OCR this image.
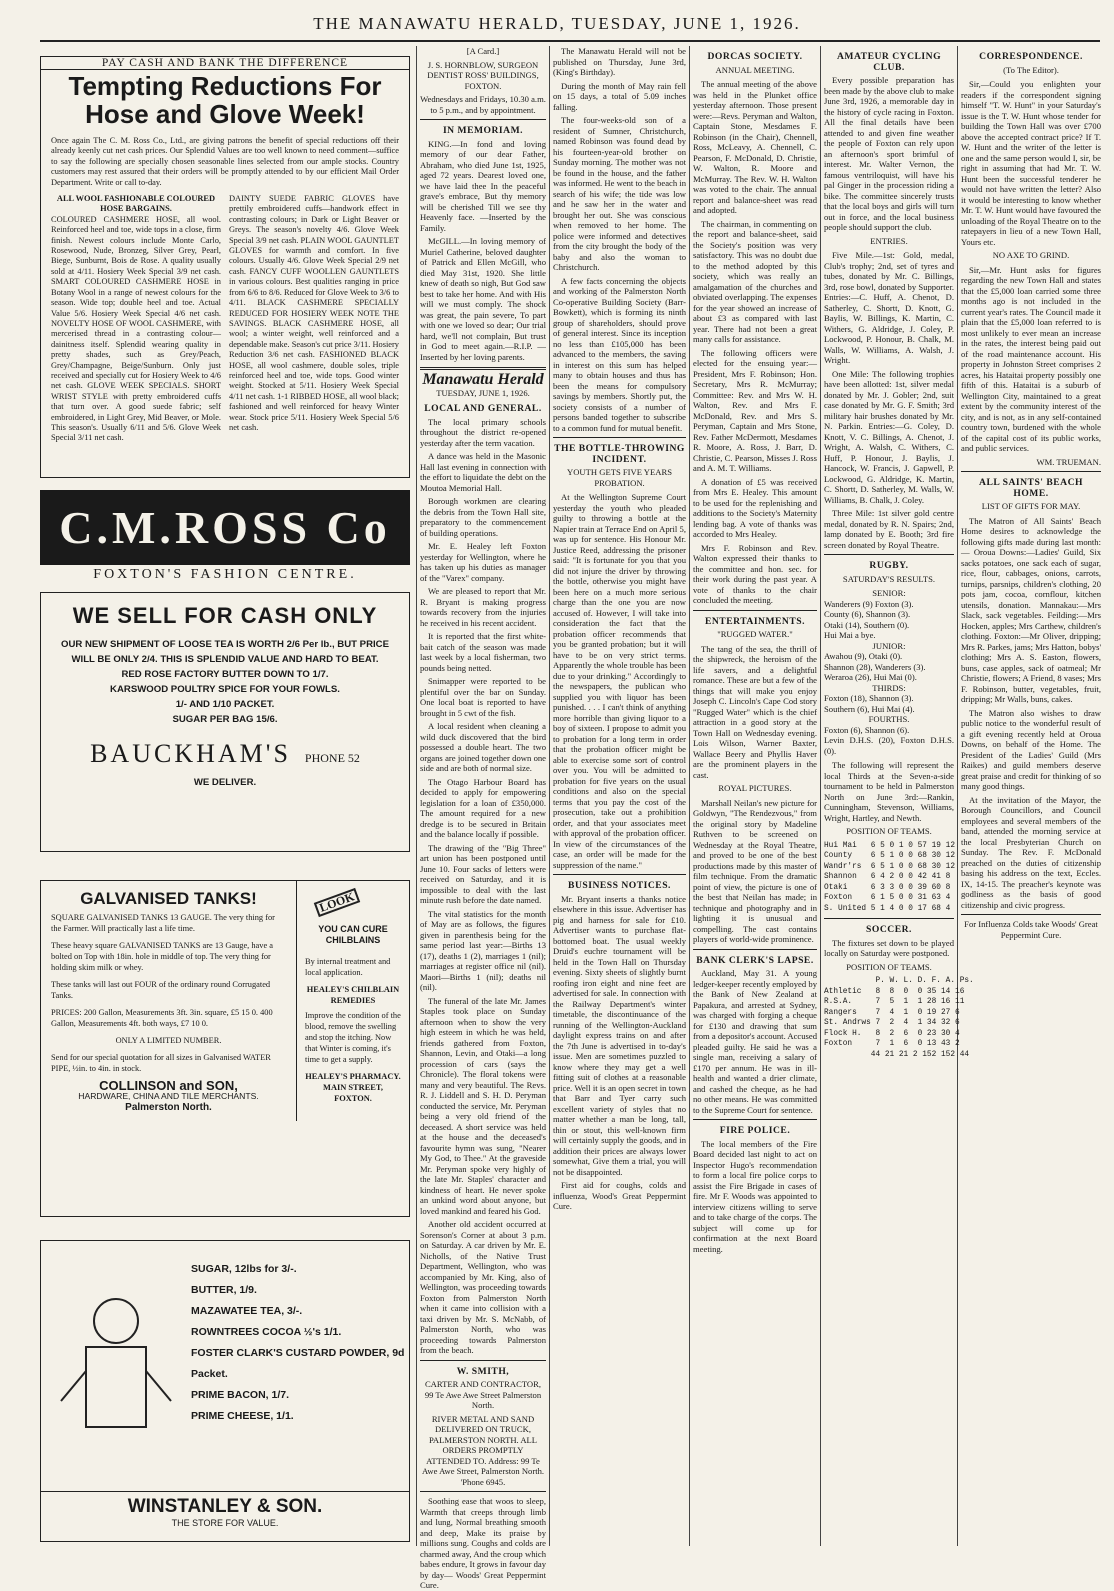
THE MANAWATU HERALD, TUESDAY, JUNE 1, 1926.
PAY CASH AND BANK THE DIFFERENCE
Tempting Reductions For
Hose and Glove Week!
Once again The C. M. Ross Co., Ltd., are giving patrons the benefit of special reductions off their already keenly cut net cash prices. Our Splendid Values are too well known to need comment—suffice to say the following are specially chosen seasonable lines selected from our ample stocks. Country customers may rest assured that their orders will be promptly attended to by our efficient Mail Order Department. Write or call to-day.
ALL WOOL FASHIONABLE COLOURED HOSE BARGAINS.
COLOURED CASHMERE HOSE, all wool. Reinforced heel and toe, wide tops in a close, firm finish. Newest colours include Monte Carlo, Rosewood, Nude, Bronzeg, Silver Grey, Pearl, Biege, Sunburnt, Bois de Rose. A quality usually sold at 4/11. Hosiery Week Special 3/9 net cash. SMART COLOURED CASHMERE HOSE in Botany Wool in a range of newest colours for the season. Wide top; double heel and toe. Actual Value 5/6. Hosiery Week Special 4/6 net cash. NOVELTY HOSE OF WOOL CASHMERE, with mercerised thread in a contrasting colour—dainitness itself. Splendid wearing quality in pretty shades, such as Grey/Peach, Grey/Champagne, Beige/Sunburn. Only just received and specially cut for Hosiery Week to 4/6 net cash. GLOVE WEEK SPECIALS. SHORT WRIST STYLE with pretty embroidered cuffs that turn over. A good suede fabric; self embroidered, in Light Grey, Mid Beaver, or Mole. This season's. Usually 6/11 and 5/6. Glove Week Special 3/11 net cash.
DAINTY SUEDE FABRIC GLOVES have prettily embroidered cuffs—handwork effect in contrasting colours; in Dark or Light Beaver or Greys. The season's novelty 4/6. Glove Week Special 3/9 net cash. PLAIN WOOL GAUNTLET GLOVES for warmth and comfort. In five colours. Usually 4/6. Glove Week Special 2/9 net cash. FANCY CUFF WOOLLEN GAUNTLETS in various colours. Best qualities ranging in price from 6/6 to 8/6. Reduced for Glove Week to 3/6 to 4/11. BLACK CASHMERE SPECIALLY REDUCED FOR HOSIERY WEEK NOTE THE SAVINGS. BLACK CASHMERE HOSE, all wool; a winter weight, well reinforced and a dependable make. Season's cut price 3/11. Hosiery Reduction 3/6 net cash. FASHIONED BLACK HOSE, all wool cashmere, double soles, triple reinforced heel and toe, wide tops. Good winter weight. Stocked at 5/11. Hosiery Week Special 4/11 net cash. 1-1 RIBBED HOSE, all wool black; fashioned and well reinforced for heavy Winter wear. Stock price 5/11. Hosiery Week Special 5/6 net cash.
C.M.ROSS Co
FOXTON'S FASHION CENTRE.
WE SELL FOR CASH ONLY
OUR NEW SHIPMENT OF LOOSE TEA IS WORTH 2/6 Per lb., BUT PRICE
WILL BE ONLY 2/4. THIS IS SPLENDID VALUE AND HARD TO BEAT.
RED ROSE FACTORY BUTTER DOWN TO 1/7.
KARSWOOD POULTRY SPICE FOR YOUR FOWLS.
1/- AND 1/10 PACKET.
SUGAR PER BAG 15/6.
BAUCKHAM'S PHONE 52
WE DELIVER.
GALVANISED TANKS!

SQUARE GALVANISED TANKS 13 GAUGE. The very thing for the Farmer. Will practically last a life time.

These heavy square GALVANISED TANKS are 13 Gauge, have a bolted on Top with 18in. hole in middle of top. The very thing for holding skim milk or whey.

These tanks will last out FOUR of the ordinary round Corrugated Tanks.

PRICES: 200 Gallon, Measurements 3ft. 3in. square, £5 15 0. 400 Gallon, Measurements 4ft. both ways, £7 10 0.

ONLY A LIMITED NUMBER.

Send for our special quotation for all sizes in Galvanised WATER PIPE, ½in. to 4in. in stock.

COLLINSON and SON,
HARDWARE, CHINA AND TILE MERCHANTS.
Palmerston North.
LOOK
YOU CAN CURE CHILBLAINS

By internal treatment and local application.

HEALEY'S CHILBLAIN REMEDIES

Improve the condition of the blood, remove the swelling and stop the itching. Now that Winter is coming, it's time to get a supply.

HEALEY'S PHARMACY. MAIN STREET, FOXTON.
SUGAR, 12lbs for 3/-.
BUTTER, 1/9.
MAZAWATEE TEA, 3/-.
ROWNTREES COCOA ½'s 1/1.
FOSTER CLARK'S CUSTARD POWDER, 9d Packet.
PRIME BACON, 1/7.
PRIME CHEESE, 1/1.
WINSTANLEY & SON.
THE STORE FOR VALUE.
[A Card.]
J. S. HORNBLOW, SURGEON DENTIST ROSS' BUILDINGS, FOXTON.
Wednesdays and Fridays, 10.30 a.m. to 5 p.m., and by appointment.
IN MEMORIAM.

KING.—In fond and loving memory of our dear Father, Abraham, who died June 1st, 1925, aged 72 years. Dearest loved one, we have laid thee In the peaceful grave's embrace, But thy memory will be cherished Till we see thy Heavenly face. —Inserted by the Family.

McGILL.—In loving memory of Muriel Catherine, beloved daughter of Patrick and Ellen McGill, who died May 31st, 1920. She little knew of death so nigh, But God saw best to take her home. And with His will we must comply. The shock was great, the pain severe, To part with one we loved so dear; Our trial hard, we'll not complain, But trust in God to meet again.—R.I.P. —Inserted by her loving parents.

Manawatu Herald
TUESDAY, JUNE 1, 1926.
LOCAL AND GENERAL.

The local primary schools throughout the district re-opened yesterday after the term vacation.

A dance was held in the Masonic Hall last evening in connection with the effort to liquidate the debt on the Moutoa Memorial Hall.

Borough workmen are clearing the debris from the Town Hall site, preparatory to the commencement of building operations.

Mr. E. Healey left Foxton yesterday for Wellington, where he has taken up his duties as manager of the "Varex" company.

We are pleased to report that Mr. R. Bryant is making progress towards recovery from the injuries he received in his recent accident.

It is reported that the first white-bait catch of the season was made last week by a local fisherman, two pounds being netted.

Snimapper were reported to be plentiful over the bar on Sunday. One local boat is reported to have brought in 5 cwt of the fish.

A local resident when cleaning a wild duck discovered that the bird possessed a double heart. The two organs are joined together down one side and are both of normal size.

The Otago Harbour Board has decided to apply for empowering legislation for a loan of £350,000. The amount required for a new dredge is to be secured in Britain and the balance locally if possible.

The drawing of the "Big Three" art union has been postponed until June 10. Four sacks of letters were received on Saturday, and it is impossible to deal with the last minute rush before the date named.

The vital statistics for the month of May are as follows, the figures given in parenthesis being for the same period last year:—Births 13 (17), deaths 1 (2), marriages 1 (nil); marriages at register office nil (nil). Maori—Births 1 (nil); deaths nil (nil).

The funeral of the late Mr. James Staples took place on Sunday afternoon when to show the very high esteem in which he was held, friends gathered from Foxton, Shannon, Levin, and Otaki—a long procession of cars (says the Chronicle). The floral tokens were many and very beautiful. The Revs. R. J. Liddell and S. H. D. Peryman conducted the service, Mr. Peryman being a very old friend of the deceased. A short service was held at the house and the deceased's favourite hymn was sung, "Nearer My God, to Thee." At the graveside Mr. Peryman spoke very highly of the late Mr. Staples' character and kindness of heart. He never spoke an unkind word about anyone, but loved mankind and feared his God.

Another old accident occurred at Sorenson's Corner at about 3 p.m. on Saturday. A car driven by Mr. E. Nicholls, of the Native Trust Department, Wellington, who was accompanied by Mr. King, also of Wellington, was proceeding towards Foxton from Palmerston North when it came into collision with a taxi driven by Mr. S. McNabb, of Palmerston North, who was proceeding towards Palmerston from the beach.

W. SMITH,
CARTER AND CONTRACTOR, 99 Te Awe Awe Street Palmerston North.
RIVER METAL AND SAND DELIVERED ON TRUCK, PALMERSTON NORTH. ALL ORDERS PROMPTLY ATTENDED TO. Address: 99 Te Awe Awe Street, Palmerston North. 'Phone 6945.

Soothing ease that woos to sleep, Warmth that creeps through limb and lung, Normal breathing smooth and deep, Make its praise by millions sung. Coughs and colds are charmed away, And the croup which babes endure, It grows in favour day by day— Woods' Great Peppermint Cure.

The Manawatu Herald will not be published on Thursday, June 3rd, (King's Birthday).

During the month of May rain fell on 15 days, a total of 5.09 inches falling.

The four-weeks-old son of a resident of Sumner, Christchurch, named Robinson was found dead by his fourteen-year-old brother on Sunday morning. The mother was not be found in the house, and the father was informed. He went to the beach in search of his wife; the tide was low and he saw her in the water and brought her out. She was conscious when removed to her home. The police were informed and detectives from the city brought the body of the baby and also the woman to Christchurch.

A few facts concerning the objects and working of the Palmerston North Co-operative Building Society (Barr-Bowkett), which is forming its ninth group of shareholders, should prove of general interest. Since its inception no less than £105,000 has been advanced to the members, the saving in interest on this sum has helped many to obtain houses and thus has been the means for compulsory savings by members. Shortly put, the society consists of a number of persons banded together to subscribe to a common fund for mutual benefit.

THE BOTTLE-THROWING INCIDENT.
YOUTH GETS FIVE YEARS PROBATION.

At the Wellington Supreme Court yesterday the youth who pleaded guilty to throwing a bottle at the Napier train at Terrace End on April 5, was up for sentence. His Honour Mr. Justice Reed, addressing the prisoner said: "It is fortunate for you that you did not injure the driver by throwing the bottle, otherwise you might have been here on a much more serious charge than the one you are now accused of. However, I will take into consideration the fact that the probation officer recommends that you be granted probation; but it will have to be on very strict terms. Apparently the whole trouble has been due to your drinking." Accordingly to the newspapers, the publican who supplied you with liquor has been punished. . . . I can't think of anything more horrible than giving liquor to a boy of sixteen. I propose to admit you to probation for a long term in order that the probation officer might be able to exercise some sort of control over you. You will be admitted to probation for five years on the usual conditions and also on the special terms that you pay the cost of the prosecution, take out a prohibition order, and that your associates meet with approval of the probation officer. In view of the circumstances of the case, an order will be made for the suppression of the name."

BUSINESS NOTICES.

Mr. Bryant inserts a thanks notice elsewhere in this issue. Advertiser has pig and harness for sale for £10. Advertiser wants to purchase flat-bottomed boat. The usual weekly Druid's euchre tournament will be held in the Town Hall on Thursday evening. Sixty sheets of slightly burnt roofing iron eight and nine feet are advertised for sale. In connection with the Railway Department's winter timetable, the discontinuance of the running of the Wellington-Auckland daylight express trains on and after the 7th June is advertised in to-day's issue. Men are sometimes puzzled to know where they may get a well fitting suit of clothes at a reasonable price. Well it is an open secret in town that Barr and Tyer carry such excellent variety of styles that no matter whether a man be long, tall, thin or stout, this well-known firm will certainly supply the goods, and in addition their prices are always lower somewhat, Give them a trial, you will not be disappointed.

First aid for coughs, colds and influenza, Wood's Great Peppermint Cure.

DORCAS SOCIETY.
ANNUAL MEETING.

The annual meeting of the above was held in the Plunket office yesterday afternoon. Those present were:—Revs. Peryman and Walton, Captain Stone, Mesdames F. Robinson (in the Chair), Chennell, Ross, McLeavy, A. Chennell, C. Pearson, F. McDonald, D. Christie, W. Walton, R. Moore and McMurray. The Rev. W. H. Walton was voted to the chair. The annual report and balance-sheet was read and adopted.

The chairman, in commenting on the report and balance-sheet, said the Society's position was very satisfactory. This was no doubt due to the method adopted by this society, which was really an amalgamation of the churches and obviated overlapping. The expenses for the year showed an increase of about £3 as compared with last year. There had not been a great many calls for assistance.

The following officers were elected for the ensuing year:—President, Mrs F. Robinson; Hon. Secretary, Mrs R. McMurray; Committee: Rev. and Mrs W. H. Walton, Rev. and Mrs F. McDonald, Rev. and Mrs S. Peryman, Captain and Mrs Stone, Rev. Father McDermott, Mesdames R. Moore, A. Ross, J. Barr, D. Christie, C. Pearson, Misses J. Ross and A. M. T. Williams.

A donation of £5 was received from Mrs E. Healey. This amount to be used for the replenishing and additions to the Society's Maternity lending bag. A vote of thanks was accorded to Mrs Healey.

Mrs F. Robinson and Rev. Walton expressed their thanks to the committee and hon. sec. for their work during the past year. A vote of thanks to the chair concluded the meeting.

ENTERTAINMENTS.
"RUGGED WATER."

The tang of the sea, the thrill of the shipwreck, the heroism of the life savers, and a delightful romance. These are but a few of the things that will make you enjoy Joseph C. Lincoln's Cape Cod story "Rugged Water" which is the chief attraction in a good story at the Town Hall on Wednesday evening. Lois Wilson, Warner Baxter, Wallace Beery and Phyllis Haver are the prominent players in the cast.

ROYAL PICTURES.

Marshall Neilan's new picture for Goldwyn, "The Rendezvous," from the original story by Madeline Ruthven to be screened on Wednesday at the Royal Theatre, and proved to be one of the best productions made by this master of film technique. From the dramatic point of view, the picture is one of the best that Neilan has made; in technique and photography and in lighting it is unusual and compelling. The cast contains players of world-wide prominence.

BANK CLERK'S LAPSE.

Auckland, May 31. A young ledger-keeper recently employed by the Bank of New Zealand at Papakura, and arrested at Sydney, was charged with forging a cheque for £130 and drawing that sum from a depositor's account. Accused pleaded guilty. He said he was a single man, receiving a salary of £170 per annum. He was in ill-health and wanted a drier climate, and cashed the cheque, as he had no other means. He was committed to the Supreme Court for sentence.

FIRE POLICE.

The local members of the Fire Board decided last night to act on Inspector Hugo's recommendation to form a local fire police corps to assist the Fire Brigade in cases of fire. Mr F. Woods was appointed to interview citizens willing to serve and to take charge of the corps. The subject will come up for confirmation at the next Board meeting.

AMATEUR CYCLING CLUB.

Every possible preparation has been made by the above club to make June 3rd, 1926, a memorable day in the history of cycle racing in Foxton. All the final details have been attended to and given fine weather the people of Foxton can rely upon an afternoon's sport brimful of interest. Mr. Walter Vernon, the famous ventriloquist, will have his pal Ginger in the procession riding a bike. The committee sincerely trusts that the local boys and girls will turn out in force, and the local business people should support the club.

ENTRIES.

Five Mile.—1st: Gold, medal, Club's trophy; 2nd, set of tyres and tubes, donated by Mr. C. Billings, 3rd, rose bowl, donated by Supporter. Entries:—C. Huff, A. Chenot, D. Satherley, C. Shortt, D. Knott, G. Baylis, W. Billings, K. Martin, C. Withers, G. Aldridge, J. Coley, P. Lockwood, P. Honour, B. Chalk, M. Walls, W. Williams, A. Walsh, J. Wright.

One Mile: The following trophies have been allotted: 1st, silver medal donated by Mr. J. Gobler; 2nd, suit case donated by Mr. G. F. Smith; 3rd military hair brushes donated by Mr. N. Parkin. Entries:—G. Coley, D. Knott, V. C. Billings, A. Chenot, J. Wright, A. Walsh, C. Withers, C. Huff, P. Honour, J. Baylis, J. Hancock, W. Francis, J. Gapwell, P. Lockwood, G. Aldridge, K. Martin, C. Shortt, D. Satherley, M. Walls, W. Williams, B. Chalk, J. Coley.

Three Mile: 1st silver gold centre medal, donated by R. N. Spairs; 2nd, lamp donated by E. Booth; 3rd fire screen donated by Royal Theatre.

RUGBY.
SATURDAY'S RESULTS.
SENIOR:
Wanderers (9) Foxton (3).
County (6), Shannon (3).
Otaki (14), Southern (0).
Hui Mai a bye.
JUNIOR:
Awahou (9), Otaki (0).
Shannon (28), Wanderers (3).
Weraroa (26), Hui Mai (0).
THIRDS:
Foxton (18), Shannon (3).
Southern (6), Hui Mai (4).
FOURTHS.
Foxton (6), Shannon (6).
Levin D.H.S. (20), Foxton D.H.S. (0).

The following will represent the local Thirds at the Seven-a-side tournament to be held in Palmerston North on June 3rd:—Rankin, Cunningham, Stevenson, Williams, Wright, Hartley, and Newth.

POSITION OF TEAMS.
Hui Mai   6 5 0 1 0 57 19 12
County    6 5 1 0 0 68 30 12
Wandr'rs  6 5 1 0 0 68 30 12
Shannon   6 4 2 0 0 42 41 8
Otaki     6 3 3 0 0 39 60 8
Foxton    6 1 5 0 0 31 63 4
S. United 5 1 4 0 0 17 68 4
SOCCER.

The fixtures set down to be played locally on Saturday were postponed.

POSITION OF TEAMS.
P. W. L. D. F. A. Ps.
Athletic   8  8  0  0 35 14 16
R.S.A.     7  5  1  1 28 16 11
Rangers    7  4  1  0 19 27 6
St. Andrws 7  2  4  1 34 32 6
Flock H.   8  2  6  0 23 30 4
Foxton     7  1  6  0 13 43 2
44 21 21 2 152 152 44
CORRESPONDENCE.
(To The Editor).

Sir,—Could you enlighten your readers if the correspondent signing himself "T. W. Hunt" in your Saturday's issue is the T. W. Hunt whose tender for building the Town Hall was over £700 above the accepted contract price? If T. W. Hunt and the writer of the letter is one and the same person would I, sir, be right in assuming that had Mr. T. W. Hunt been the successful tenderer he would not have written the letter? Also it would be interesting to know whether Mr. T. W. Hunt would have favoured the unloading of the Royal Theatre on to the ratepayers in lieu of a new Town Hall, Yours etc.

NO AXE TO GRIND.

Sir,—Mr. Hunt asks for figures regarding the new Town Hall and states that the £5,000 loan carried some three months ago is not included in the current year's rates. The Council made it plain that the £5,000 loan referred to is most unlikely to ever mean an increase in the rates, the interest being paid out of the road maintenance account. His property in Johnston Street comprises 2 acres, his Hataitai property possibly one fifth of this. Hataitai is a suburb of Wellington City, maintained to a great extent by the community interest of the city, and is not, as in any self-contained country town, burdened with the whole of the capital cost of its public works, and public services.

WM. TRUEMAN.
ALL SAINTS' BEACH HOME.
LIST OF GIFTS FOR MAY.

The Matron of All Saints' Beach Home desires to acknowledge the following gifts made during last month:— Oroua Downs:—Ladies' Guild, Six sacks potatoes, one sack each of sugar, rice, flour, cabbages, onions, carrots, turnips, parsnips, children's clothing, 20 pots jam, cocoa, cornflour, kitchen utensils, donation. Mannakau:—Mrs Slack, sack vegetables. Feilding:—Mrs Hocken, apples; Mrs Carthew, children's clothing. Foxton:—Mr Oliver, dripping; Mrs R. Parkes, jams; Mrs Hatton, bobys' clothing; Mrs A. S. Easton, flowers, buns, case apples, sack of oatmeal; Mr Christie, flowers; A Friend, 8 vases; Mrs F. Robinson, butter, vegetables, fruit, dripping; Mr Walls, buns, cakes.

The Matron also wishes to draw public notice to the wonderful result of a gift evening recently held at Oroua Downs, on behalf of the Home. The President of the Ladies' Guild (Mrs Raikes) and guild members deserve great praise and credit for thinking of so many good things.

At the invitation of the Mayor, the Borough Councillors, and Council employees and several members of the band, attended the morning service at the local Presbyterian Church on Sunday. The Rev. F. McDonald preached on the duties of citizenship basing his address on the text, Eccles. IX, 14-15. The preacher's keynote was godliness as the basis of good citizenship and civic progress.

For Influenza Colds take Woods' Great Peppermint Cure.
